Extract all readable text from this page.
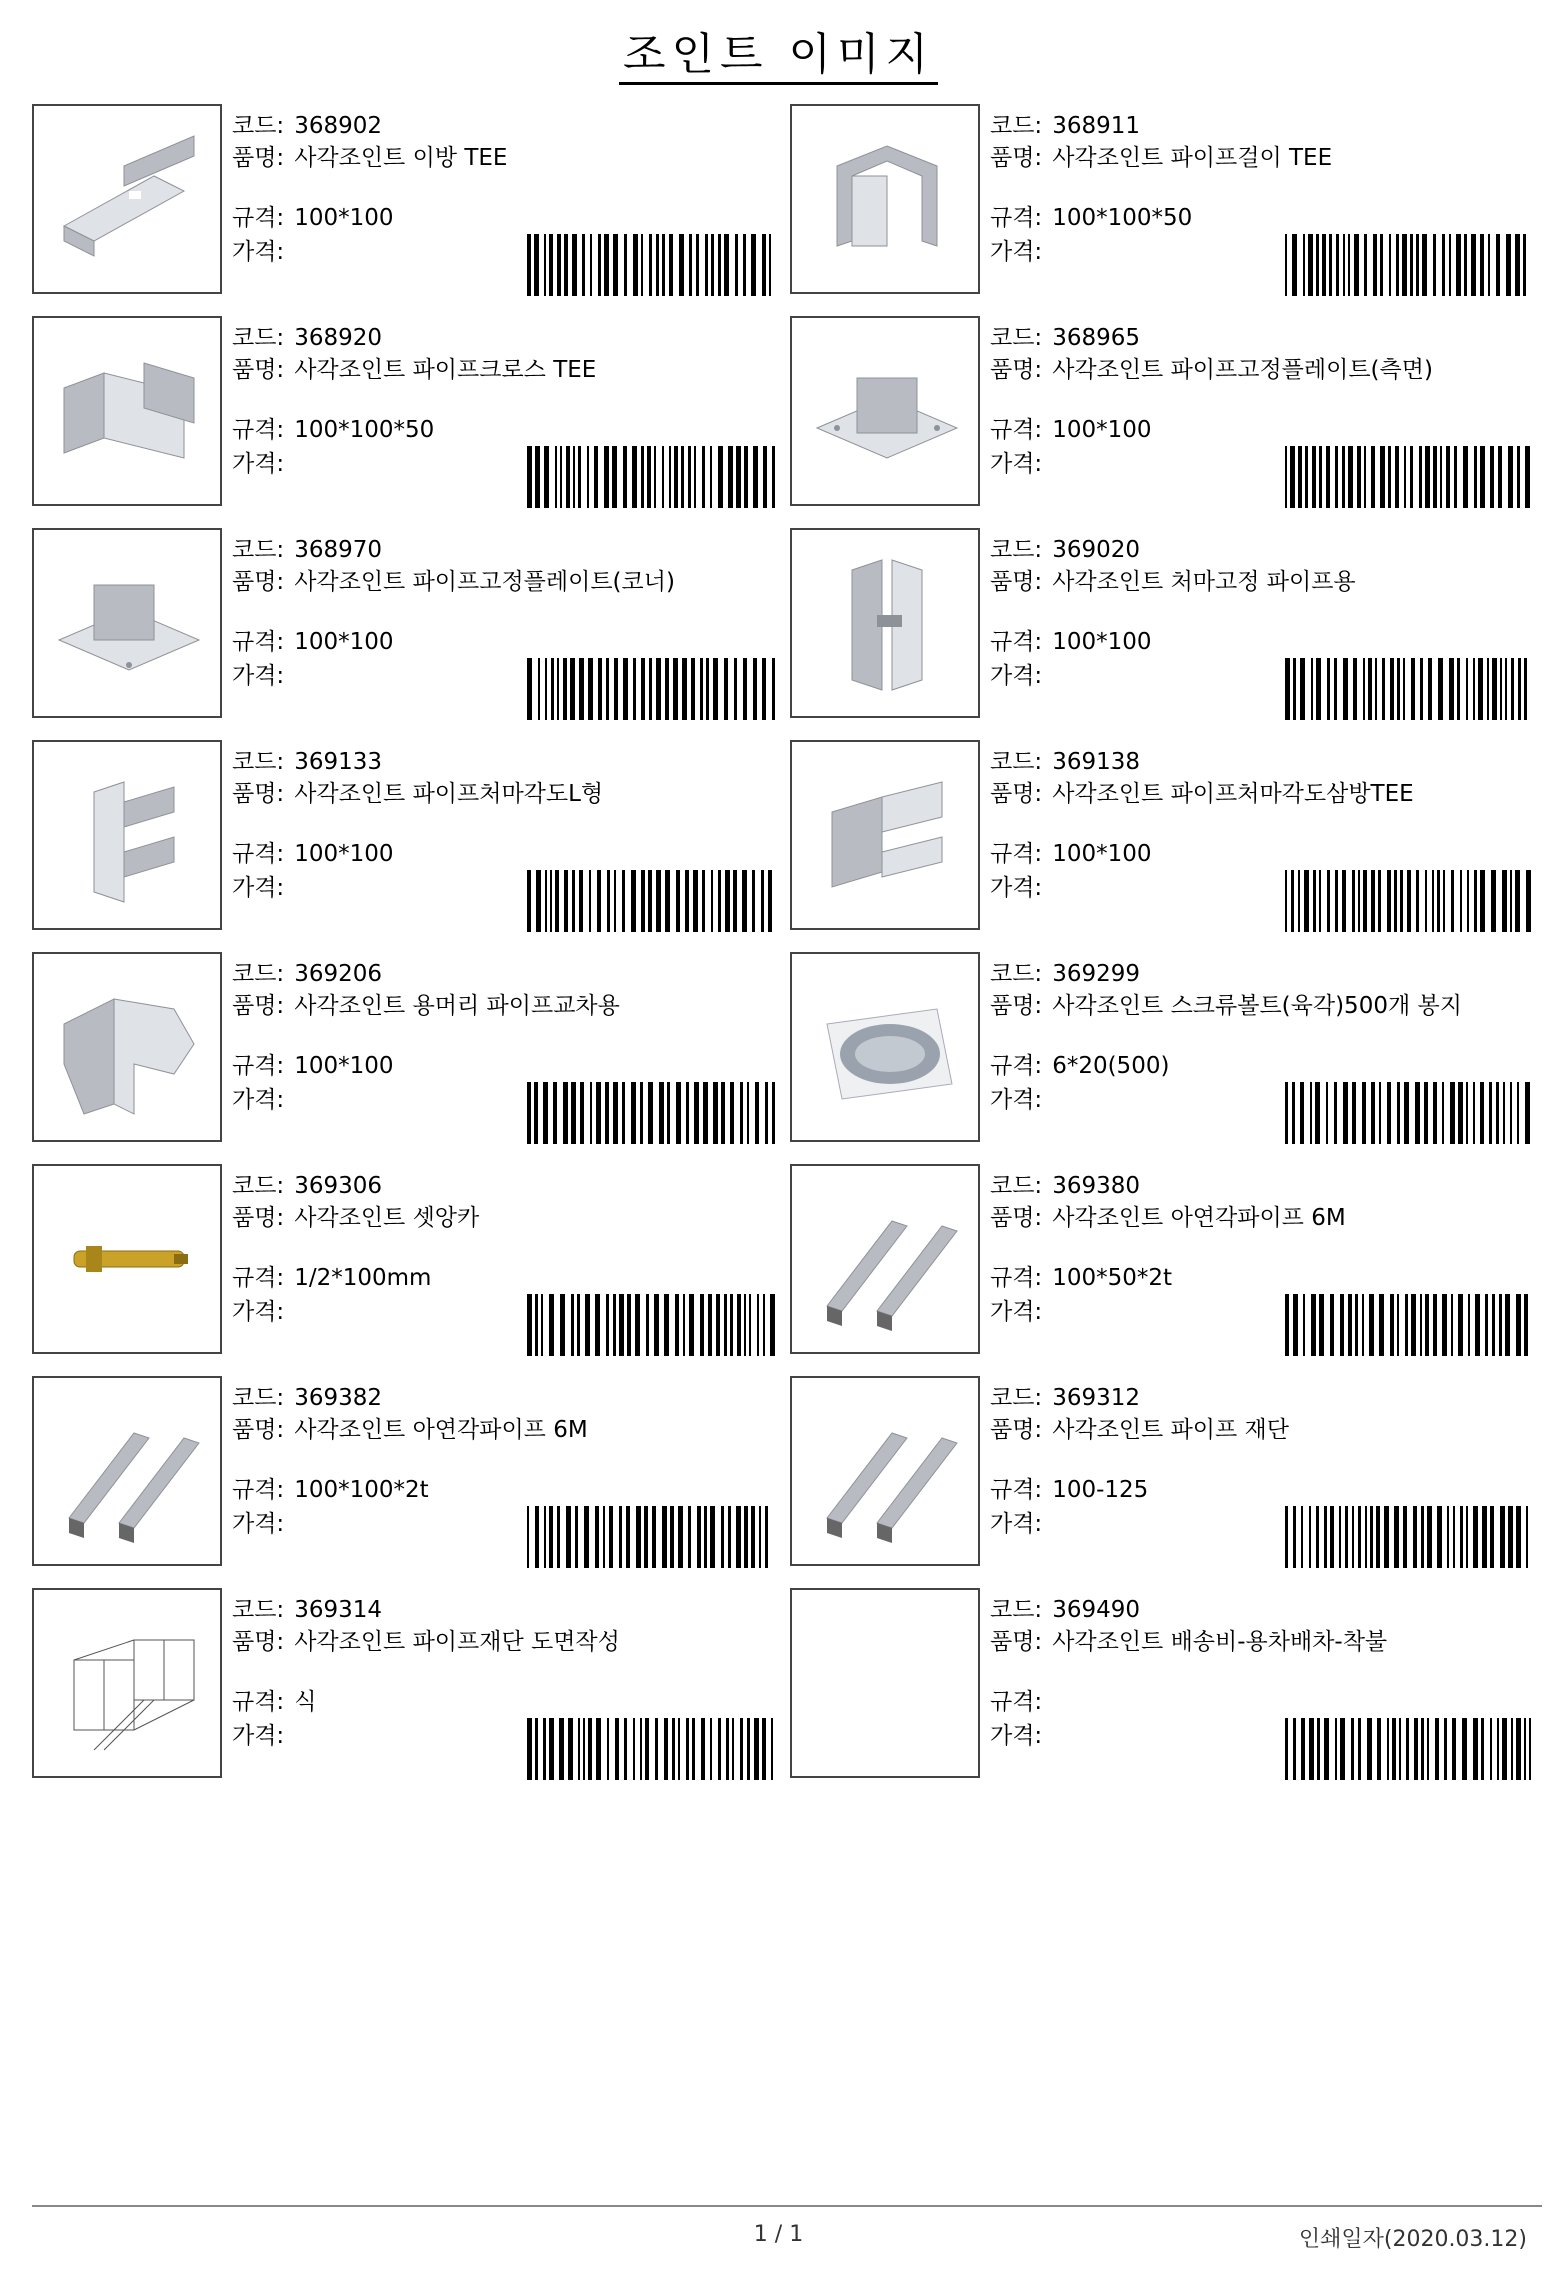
조인트 이미지
코드: 368902
품명: 사각조인트 이방 TEE
규격: 100*100
가격:
코드: 368911
품명: 사각조인트 파이프걸이 TEE
규격: 100*100*50
가격:
코드: 368920
품명: 사각조인트 파이프크로스 TEE
규격: 100*100*50
가격:
코드: 368965
품명: 사각조인트 파이프고정플레이트(측면)
규격: 100*100
가격:
코드: 368970
품명: 사각조인트 파이프고정플레이트(코너)
규격: 100*100
가격:
코드: 369020
품명: 사각조인트 처마고정 파이프용
규격: 100*100
가격:
코드: 369133
품명: 사각조인트 파이프처마각도L형
규격: 100*100
가격:
코드: 369138
품명: 사각조인트 파이프처마각도삼방TEE
규격: 100*100
가격:
코드: 369206
품명: 사각조인트 용머리 파이프교차용
규격: 100*100
가격:
코드: 369299
품명: 사각조인트 스크류볼트(육각)500개 봉지
규격: 6*20(500)
가격:
코드: 369306
품명: 사각조인트 셋앙카
규격: 1/2*100mm
가격:
코드: 369380
품명: 사각조인트 아연각파이프 6M
규격: 100*50*2t
가격:
코드: 369382
품명: 사각조인트 아연각파이프 6M
규격: 100*100*2t
가격:
코드: 369312
품명: 사각조인트 파이프 재단
규격: 100-125
가격:
코드: 369314
품명: 사각조인트 파이프재단 도면작성
규격: 식
가격:
코드: 369490
품명: 사각조인트 배송비-용차배차-착불
규격:
가격:
1 / 1	인쇄일자(2020.03.12)
